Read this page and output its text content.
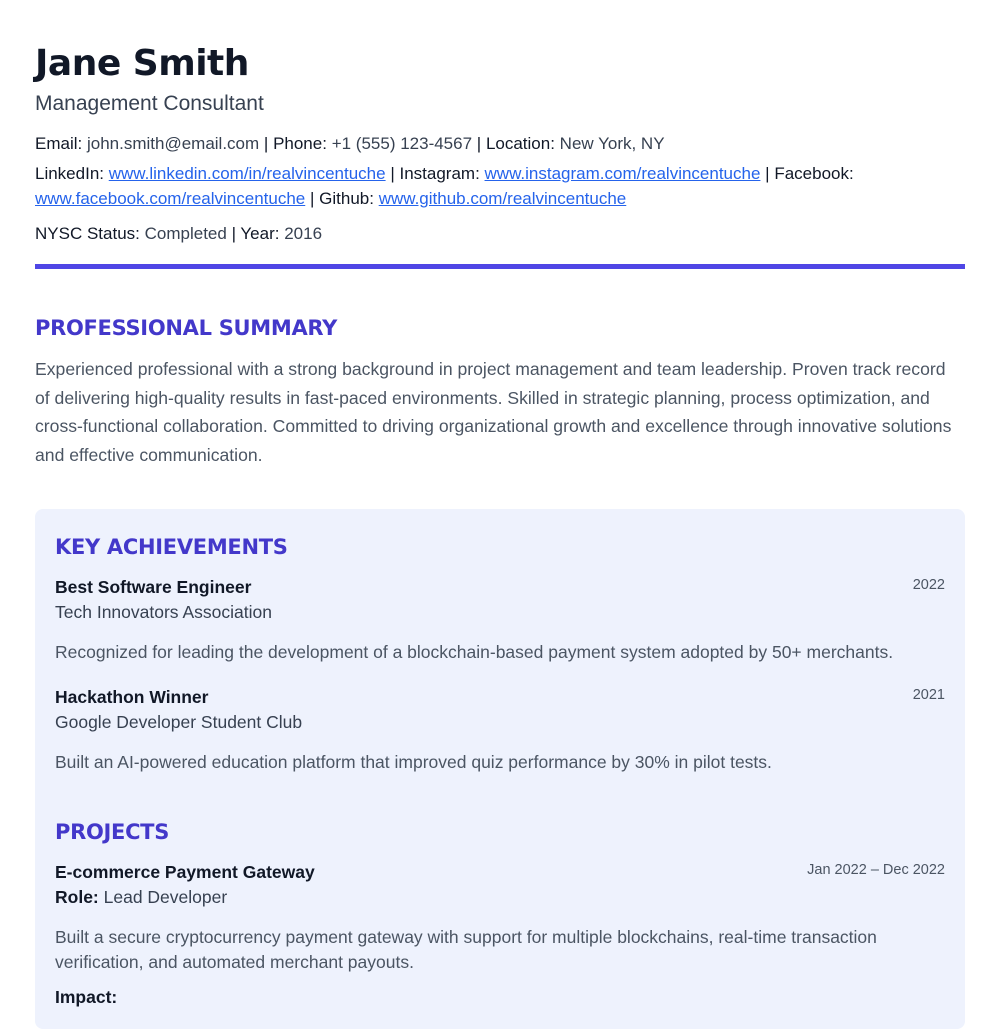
Jane Smith
Management Consultant
Email: john.smith@email.com | Phone: +1 (555) 123-4567 | Location: New York, NY
LinkedIn: www.linkedin.com/in/realvincentuche | Instagram: www.instagram.com/realvincentuche | Facebook: www.facebook.com/realvincentuche | Github: www.github.com/realvincentuche
NYSC Status: Completed | Year: 2016
PROFESSIONAL SUMMARY

Experienced professional with a strong background in project management and team leadership. Proven track record of delivering high-quality results in fast-paced environments. Skilled in strategic planning, process optimization, and cross-functional collaboration. Committed to driving organizational growth and excellence through innovative solutions and effective communication.

KEY ACHIEVEMENTS
Best Software Engineer	2022
Tech Innovators Association

Recognized for leading the development of a blockchain-based payment system adopted by 50+ merchants.

Hackathon Winner	2021
Google Developer Student Club

Built an AI-powered education platform that improved quiz performance by 30% in pilot tests.

PROJECTS
E-commerce Payment Gateway	Jan 2022 – Dec 2022
Role: Lead Developer

Built a secure cryptocurrency payment gateway with support for multiple blockchains, real-time transaction verification, and automated merchant payouts.

Impact:
